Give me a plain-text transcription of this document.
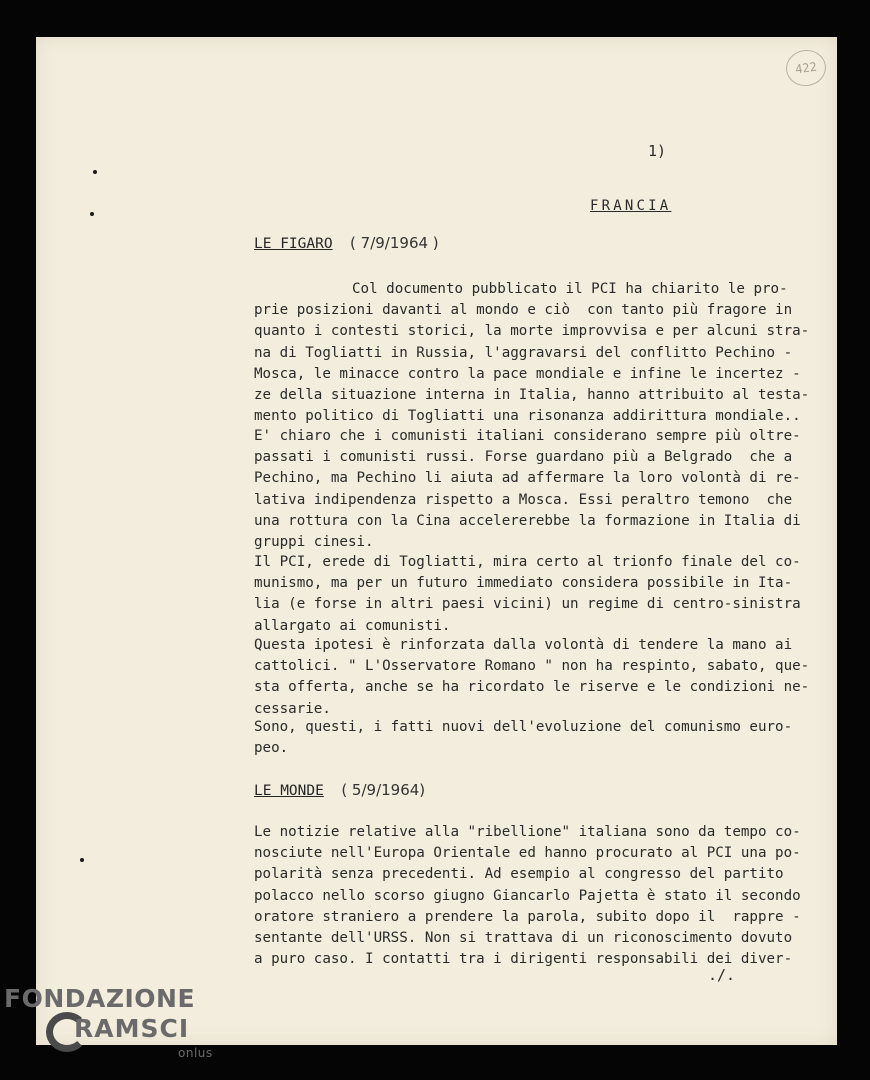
422
1)
FRANCIA
LE FIGARO ( 7/9/1964 )
Col documento pubblicato il PCI ha chiarito le pro-
prie posizioni davanti al mondo e ciò  con tanto più fragore in
quanto i contesti storici, la morte improvvisa e per alcuni stra-
na di Togliatti in Russia, l'aggravarsi del conflitto Pechino -
Mosca, le minacce contro la pace mondiale e infine le incertez -
ze della situazione interna in Italia, hanno attribuito al testa-
mento politico di Togliatti una risonanza addirittura mondiale..
E' chiaro che i comunisti italiani considerano sempre più oltre-
passati i comunisti russi. Forse guardano più a Belgrado  che a
Pechino, ma Pechino li aiuta ad affermare la loro volontà di re-
lativa indipendenza rispetto a Mosca. Essi peraltro temono  che
una rottura con la Cina accelererebbe la formazione in Italia di
gruppi cinesi.
Il PCI, erede di Togliatti, mira certo al trionfo finale del co-
munismo, ma per un futuro immediato considera possibile in Ita-
lia (e forse in altri paesi vicini) un regime di centro-sinistra
allargato ai comunisti.
Questa ipotesi è rinforzata dalla volontà di tendere la mano ai
cattolici. " L'Osservatore Romano " non ha respinto, sabato, que-
sta offerta, anche se ha ricordato le riserve e le condizioni ne-
cessarie.
Sono, questi, i fatti nuovi dell'evoluzione del comunismo euro-
peo.
LE MONDE ( 5/9/1964)
Le notizie relative alla "ribellione" italiana sono da tempo co-
nosciute nell'Europa Orientale ed hanno procurato al PCI una po-
polarità senza precedenti. Ad esempio al congresso del partito
polacco nello scorso giugno Giancarlo Pajetta è stato il secondo
oratore straniero a prendere la parola, subito dopo il  rappre -
sentante dell'URSS. Non si trattava di un riconoscimento dovuto
a puro caso. I contatti tra i dirigenti responsabili dei diver-
./.
FONDAZIONE
RAMSCI
onlus
